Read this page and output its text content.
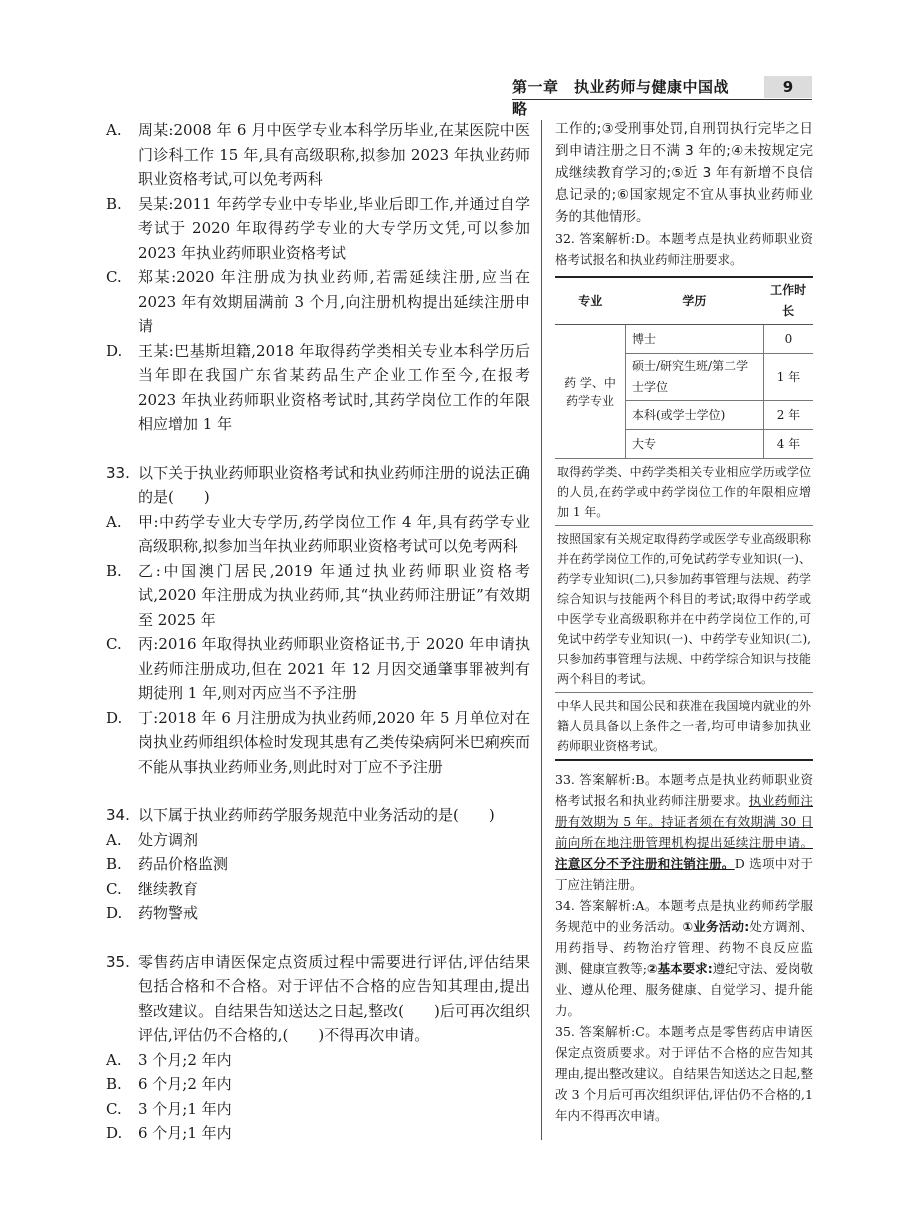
第一章　执业药师与健康中国战略
9
A. 周某:2008 年 6 月中医学专业本科学历毕业,在某医院中医门诊科工作 15 年,具有高级职称,拟参加 2023 年执业药师职业资格考试,可以免考两科
B. 吴某:2011 年药学专业中专毕业,毕业后即工作,并通过自学考试于 2020 年取得药学专业的大专学历文凭,可以参加 2023 年执业药师职业资格考试
C. 郑某:2020 年注册成为执业药师,若需延续注册,应当在 2023 年有效期届满前 3 个月,向注册机构提出延续注册申请
D. 王某:巴基斯坦籍,2018 年取得药学类相关专业本科学历后当年即在我国广东省某药品生产企业工作至今,在报考 2023 年执业药师职业资格考试时,其药学岗位工作的年限相应增加 1 年
33. 以下关于执业药师职业资格考试和执业药师注册的说法正确的是(　　)
A. 甲:中药学专业大专学历,药学岗位工作 4 年,具有药学专业高级职称,拟参加当年执业药师职业资格考试可以免考两科
B. 乙:中国澳门居民,2019 年通过执业药师职业资格考试,2020 年注册成为执业药师,其“执业药师注册证”有效期至 2025 年
C. 丙:2016 年取得执业药师职业资格证书,于 2020 年申请执业药师注册成功,但在 2021 年 12 月因交通肇事罪被判有期徒刑 1 年,则对丙应当不予注册
D. 丁:2018 年 6 月注册成为执业药师,2020 年 5 月单位对在岗执业药师组织体检时发现其患有乙类传染病阿米巴痢疾而不能从事执业药师业务,则此时对丁应不予注册
34. 以下属于执业药师药学服务规范中业务活动的是(　　)
A. 处方调剂
B. 药品价格监测
C. 继续教育
D. 药物警戒
35. 零售药店申请医保定点资质过程中需要进行评估,评估结果包括合格和不合格。对于评估不合格的应告知其理由,提出整改建议。自结果告知送达之日起,整改(　　)后可再次组织评估,评估仍不合格的,(　　)不得再次申请。
A. 3 个月;2 年内
B. 6 个月;2 年内
C. 3 个月;1 年内
D. 6 个月;1 年内
工作的;③受刑事处罚,自刑罚执行完毕之日到申请注册之日不满 3 年的;④未按规定完成继续教育学习的;⑤近 3 年有新增不良信息记录的;⑥国家规定不宜从事执业药师业务的其他情形。
32. 答案解析:D。本题考点是执业药师职业资格考试报名和执业药师注册要求。
专业	学历	工作时长
药 学、中药学专业	博士	0
	硕士/研究生班/第二学士学位	1 年
	本科(或学士学位)	2 年
	大专	4 年
取得药学类、中药学类相关专业相应学历或学位的人员,在药学或中药学岗位工作的年限相应增加 1 年。
按照国家有关规定取得药学或医学专业高级职称并在药学岗位工作的,可免试药学专业知识(一)、药学专业知识(二),只参加药事管理与法规、药学综合知识与技能两个科目的考试;取得中药学或中医学专业高级职称并在中药学岗位工作的,可免试中药学专业知识(一)、中药学专业知识(二),只参加药事管理与法规、中药学综合知识与技能两个科目的考试。
中华人民共和国公民和获准在我国境内就业的外籍人员具备以上条件之一者,均可申请参加执业药师职业资格考试。
33. 答案解析:B。本题考点是执业药师职业资格考试报名和执业药师注册要求。执业药师注册有效期为 5 年。持证者须在有效期满 30 日前向所在地注册管理机构提出延续注册申请。注意区分不予注册和注销注册。D 选项中对于丁应注销注册。
34. 答案解析:A。本题考点是执业药师药学服务规范中的业务活动。①业务活动:处方调剂、用药指导、药物治疗管理、药物不良反应监测、健康宣教等;②基本要求:遵纪守法、爱岗敬业、遵从伦理、服务健康、自觉学习、提升能力。
35. 答案解析:C。本题考点是零售药店申请医保定点资质要求。对于评估不合格的应告知其理由,提出整改建议。自结果告知送达之日起,整改 3 个月后可再次组织评估,评估仍不合格的,1 年内不得再次申请。
